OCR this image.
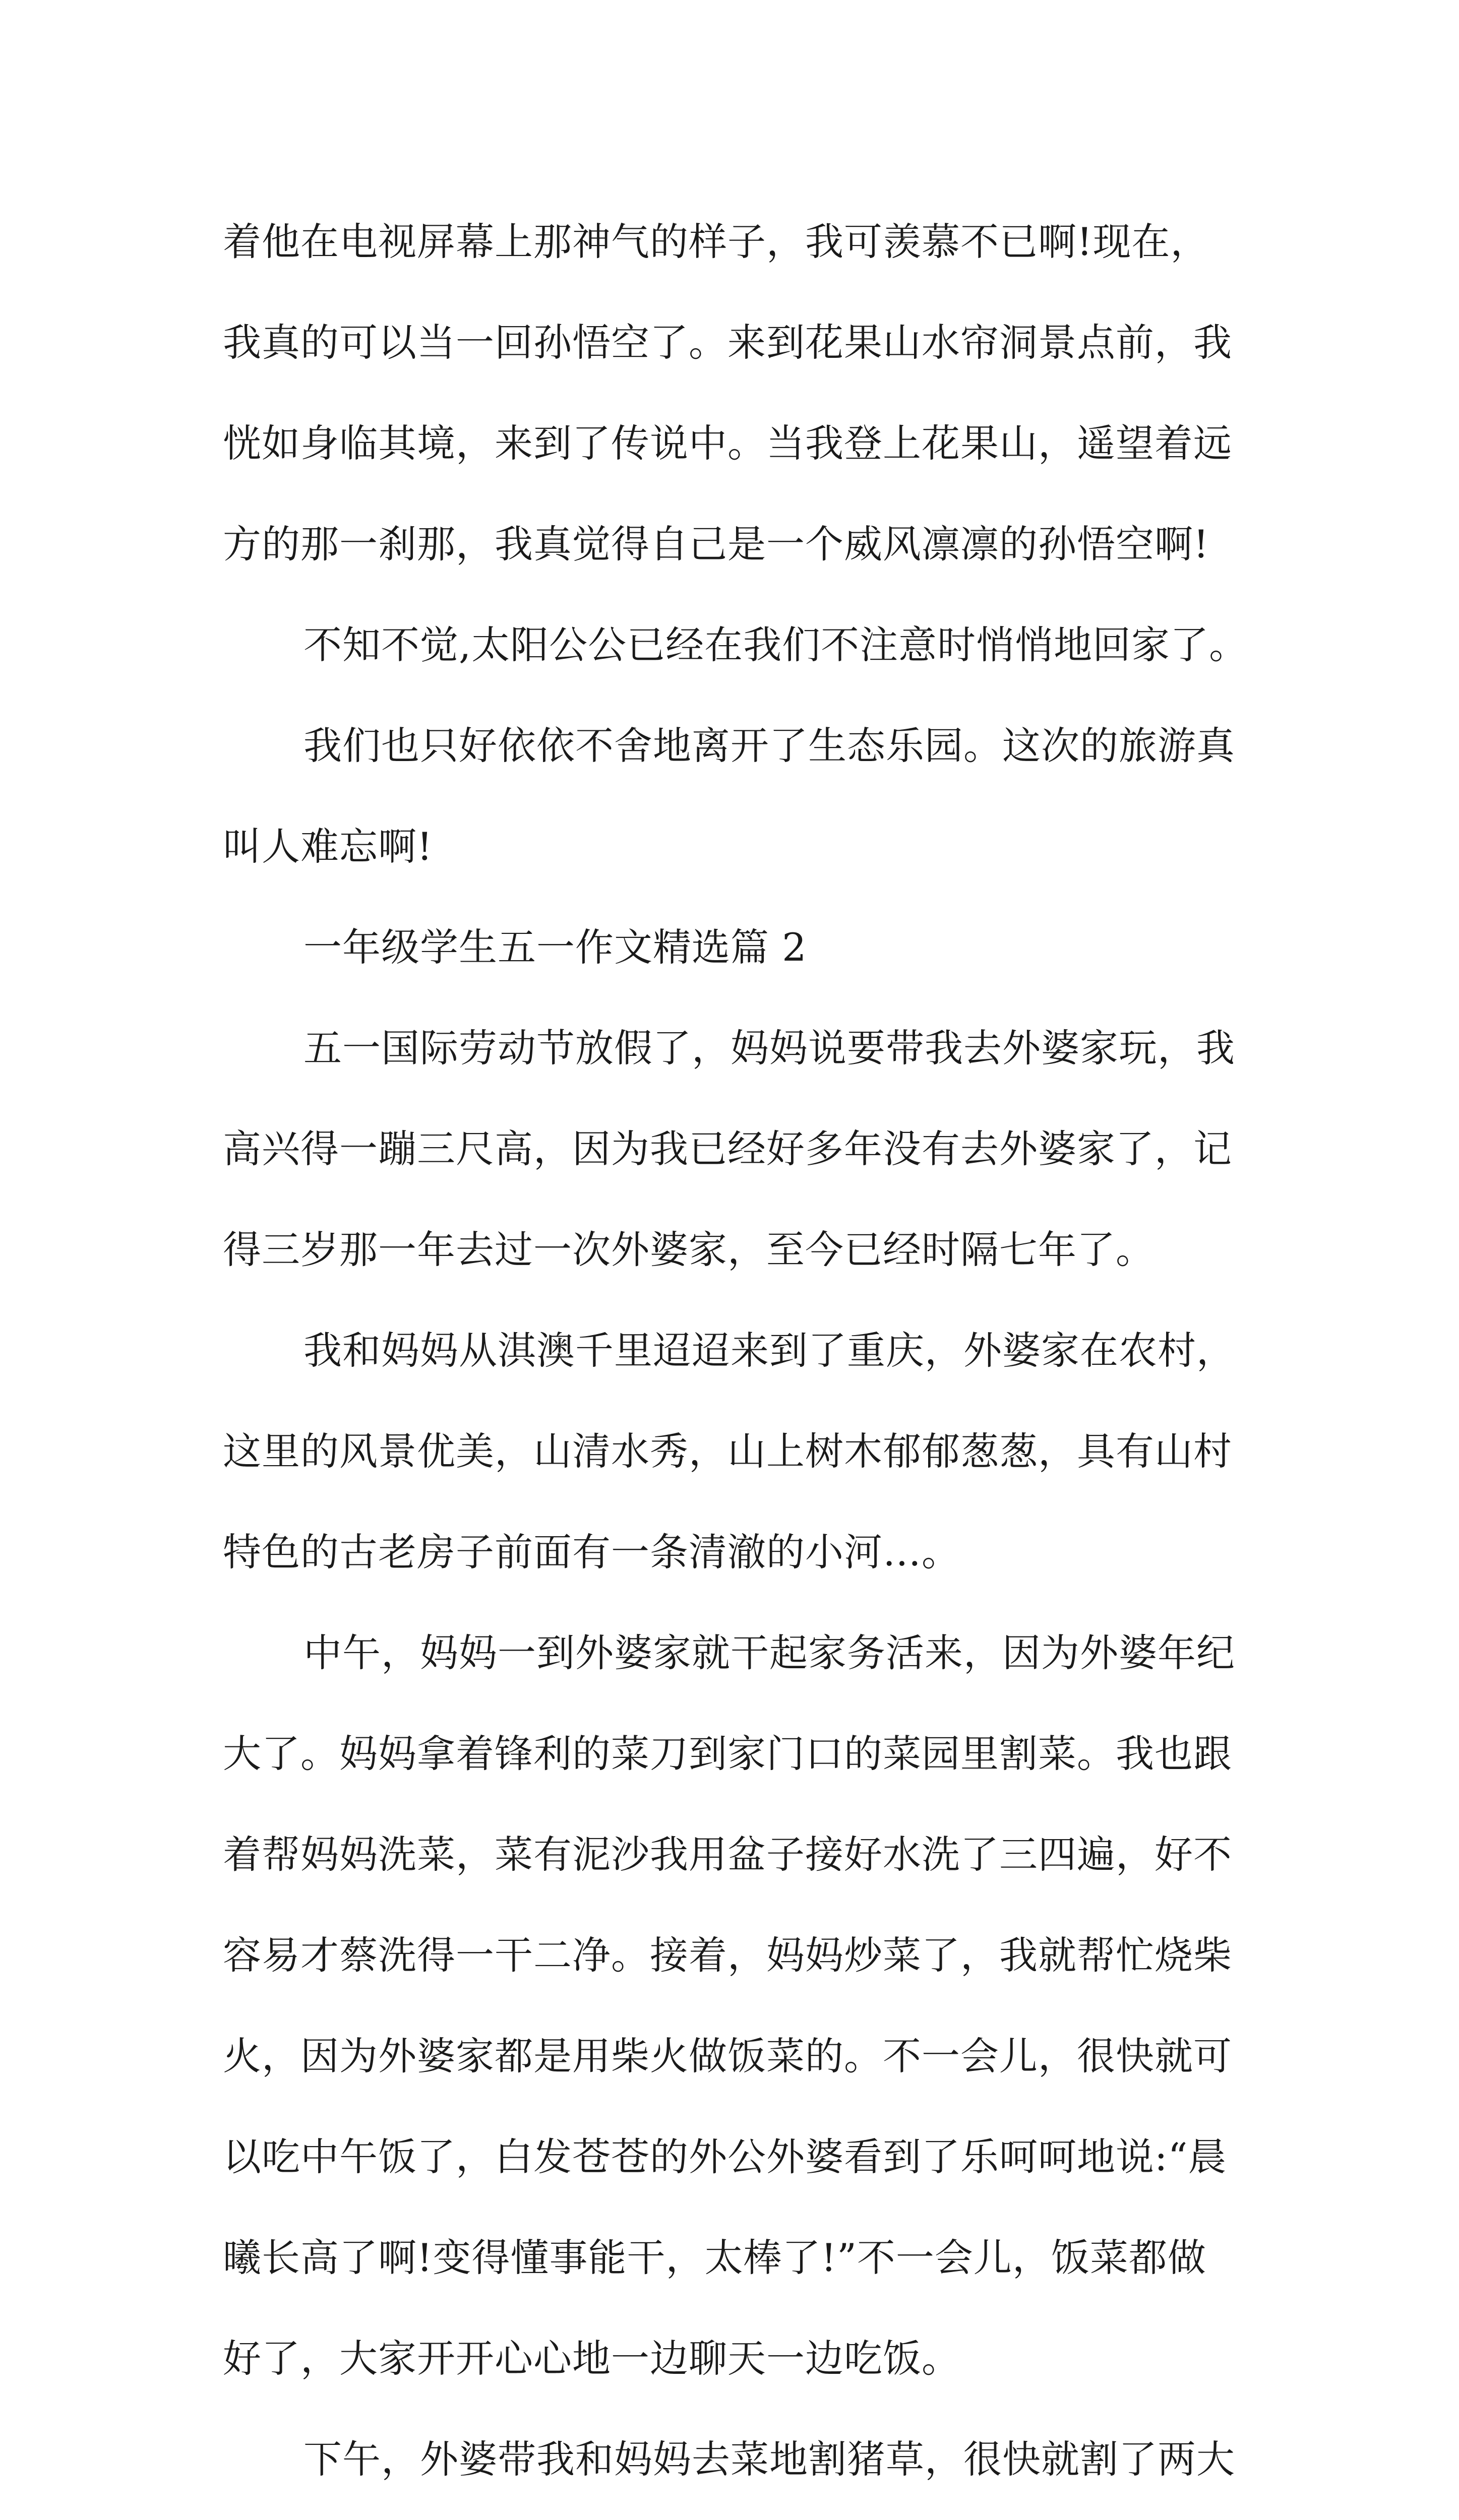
着他在电视屏幕上那神气的样子，我可羡慕不已啊!现在，
我真的可以当一回孙悟空了。来到花果山水帘洞景点前，我
恍如身临其境，来到了传说中。当我登上花果山，遥望着远
方的那一刹那，我真觉得自己是一个威风凛凛的孙悟空啊!
不知不觉,太阳公公已经在我们不注意时悄悄地回家了。
我们也只好依依不舍地离开了生态乐园。这次的旅游真
叫人难忘啊!
一年级学生五一作文精选篇 2
五一国际劳动节放假了，妈妈说要带我去外婆家玩，我
高兴得一蹦三尺高，因为我已经好多年没有去外婆家了，记
得三岁那一年去过一次外婆家，至今已经时隔七年了。
我和妈妈从淇澳千里迢迢来到了重庆，外婆家在农村，
这里的风景优美，山清水秀，山上树木郁郁葱葱，具有山村
特色的古老房子前面有一条清澈的小河…。
中午，妈妈一到外婆家就干起家务活来，因为外婆年纪
大了。妈妈拿着锋利的菜刀到家门口的菜园里割菜。我也跟
着帮妈妈洗菜，菜有泥沙我用盆子接好水洗了三四遍，好不
容易才蔡洗得一干二净。接着，妈妈炒菜了，我就帮忙烧柴
火，因为外婆家都是用柴火做饭菜的。不一会儿，很快就可
以吃中午饭了，白发苍苍的外公外婆看到了乐呵呵地说:“晨
曦长高了啊!变得懂事能干，太棒了!”不一会儿，饭菜都做
好了，大家开开心心地一边聊天一边吃饭。
下午，外婆带我和妈妈去菜地割猪草，很快就割了两大
